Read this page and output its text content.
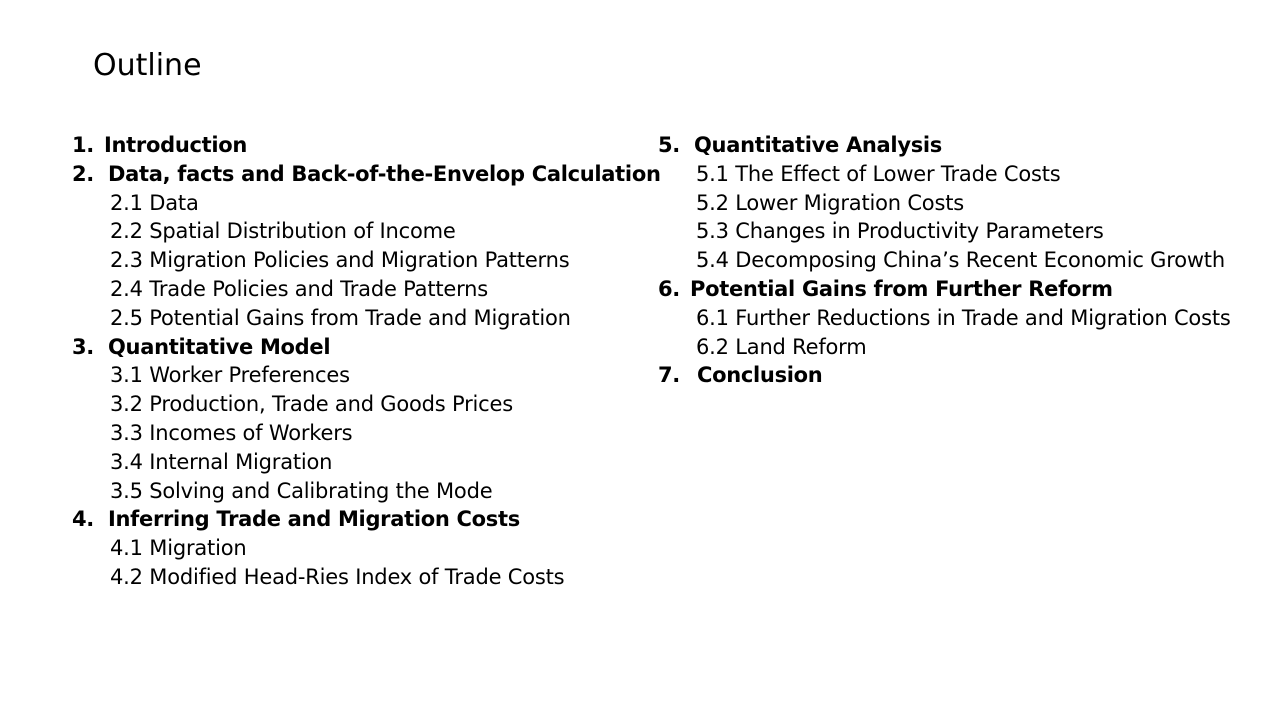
Outline
1. Introduction
2. Data, facts and Back-of-the-Envelop Calculation
2.1 Data
2.2 Spatial Distribution of Income
2.3 Migration Policies and Migration Patterns
2.4 Trade Policies and Trade Patterns
2.5 Potential Gains from Trade and Migration
3. Quantitative Model
3.1 Worker Preferences
3.2 Production, Trade and Goods Prices
3.3 Incomes of Workers
3.4 Internal Migration
3.5 Solving and Calibrating the Mode
4. Inferring Trade and Migration Costs
4.1 Migration
4.2 Modified Head-Ries Index of Trade Costs
5. Quantitative Analysis
5.1 The Effect of Lower Trade Costs
5.2 Lower Migration Costs
5.3 Changes in Productivity Parameters
5.4 Decomposing China’s Recent Economic Growth
6. Potential Gains from Further Reform
6.1 Further Reductions in Trade and Migration Costs
6.2 Land Reform
7. Conclusion
